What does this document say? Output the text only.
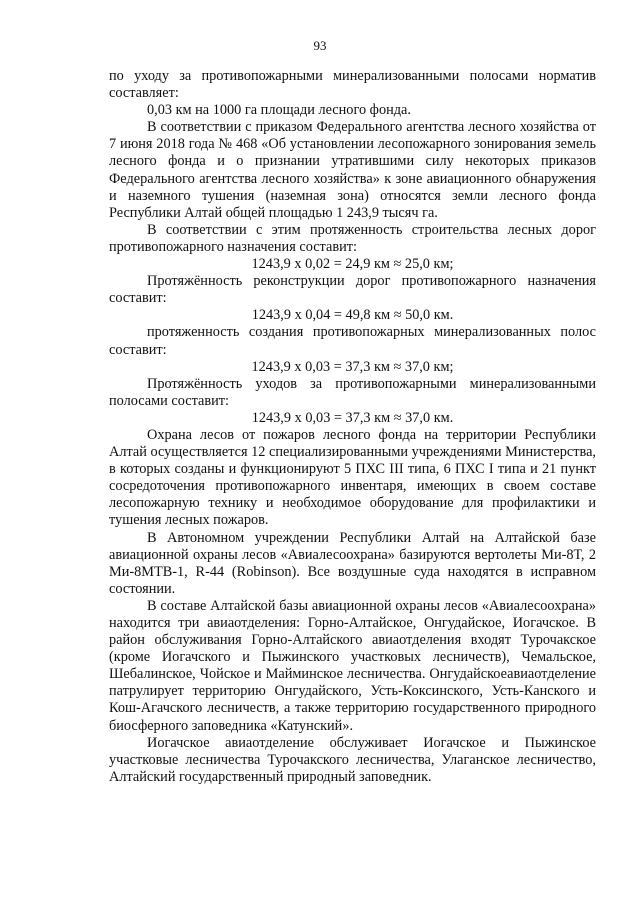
93

по уходу за противопожарными минерализованными полосами норматив составляет:

0,03 км на 1000 га площади лесного фонда.

В соответствии с приказом Федерального агентства лесного хозяйства от 7 июня 2018 года № 468 «Об установлении лесопожарного зонирования земель лесного фонда и о признании утратившими силу некоторых приказов Федерального агентства лесного хозяйства» к зоне авиационного обнаружения и наземного тушения (наземная зона) относятся земли лесного фонда Республики Алтай общей площадью 1 243,9 тысяч га.

В соответствии с этим протяженность строительства лесных дорог противопожарного назначения составит:

1243,9 х 0,02 = 24,9 км ≈ 25,0 км;

Протяжённость реконструкции дорог противопожарного назначения составит:

1243,9 х 0,04 = 49,8 км ≈ 50,0 км.

протяженность создания противопожарных минерализованных полос составит:

1243,9 х 0,03 = 37,3 км ≈ 37,0 км;

Протяжённость уходов за противопожарными минерализованными полосами составит:

1243,9 х 0,03 = 37,3 км ≈ 37,0 км.

Охрана лесов от пожаров лесного фонда на территории Республики Алтай осуществляется 12 специализированными учреждениями Министерства, в которых созданы и функционируют 5 ПХС III типа, 6 ПХС I типа и 21 пункт сосредоточения противопожарного инвентаря, имеющих в своем составе лесопожарную технику и необходимое оборудование для профилактики и тушения лесных пожаров.

В Автономном учреждении Республики Алтай на Алтайской базе авиационной охраны лесов «Авиалесоохрана» базируются вертолеты Ми-8Т, 2 Ми-8МТВ-1, R-44 (Robinson). Все воздушные суда находятся в исправном состоянии.

В составе Алтайской базы авиационной охраны лесов «Авиалесоохрана» находится три авиаотделения: Горно-Алтайское, Онгудайское, Иогачское. В район обслуживания Горно-Алтайского авиаотделения входят Турочакское (кроме Иогачского и Пыжинского участковых лесничеств), Чемальское, Шебалинское, Чойское и Майминское лесничества. Онгудайскоеавиаотделение патрулирует территорию Онгудайского, Усть-Коксинского, Усть-Канского и Кош-Агачского лесничеств, а также территорию государственного природного биосферного заповедника «Катунский».

Иогачское авиаотделение обслуживает Иогачское и Пыжинское участковые лесничества Турочакского лесничества, Улаганское лесничество, Алтайский государственный природный заповедник.
